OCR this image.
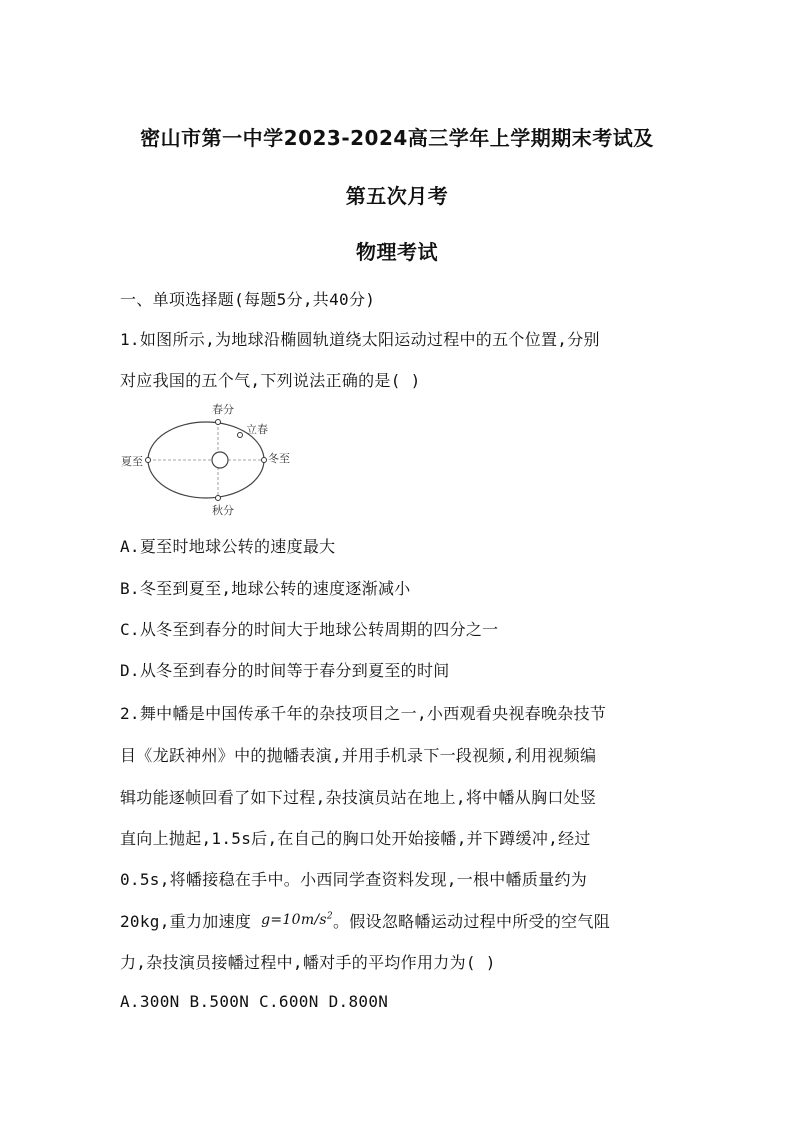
密山市第一中学2023-2024高三学年上学期期末考试及
第五次月考
物理考试
一、单项选择题(每题5分,共40分)
1.如图所示,为地球沿椭圆轨道绕太阳运动过程中的五个位置,分别
对应我国的五个气,下列说法正确的是( )
春分
立春
夏至	冬至
秋分
A.夏至时地球公转的速度最大
B.冬至到夏至,地球公转的速度逐渐减小
C.从冬至到春分的时间大于地球公转周期的四分之一
D.从冬至到春分的时间等于春分到夏至的时间
2.舞中幡是中国传承千年的杂技项目之一,小西观看央视春晚杂技节
目《龙跃神州》中的抛幡表演,并用手机录下一段视频,利用视频编
辑功能逐帧回看了如下过程,杂技演员站在地上,将中幡从胸口处竖
直向上抛起,1.5s后,在自己的胸口处开始接幡,并下蹲缓冲,经过
0.5s,将幡接稳在手中。小西同学查资料发现,一根中幡质量约为
20kg,重力加速度 $g=10m/s^2$。假设忽略幡运动过程中所受的空气阻
力,杂技演员接幡过程中,幡对手的平均作用力为( )
A.300N B.500N C.600N D.800N
